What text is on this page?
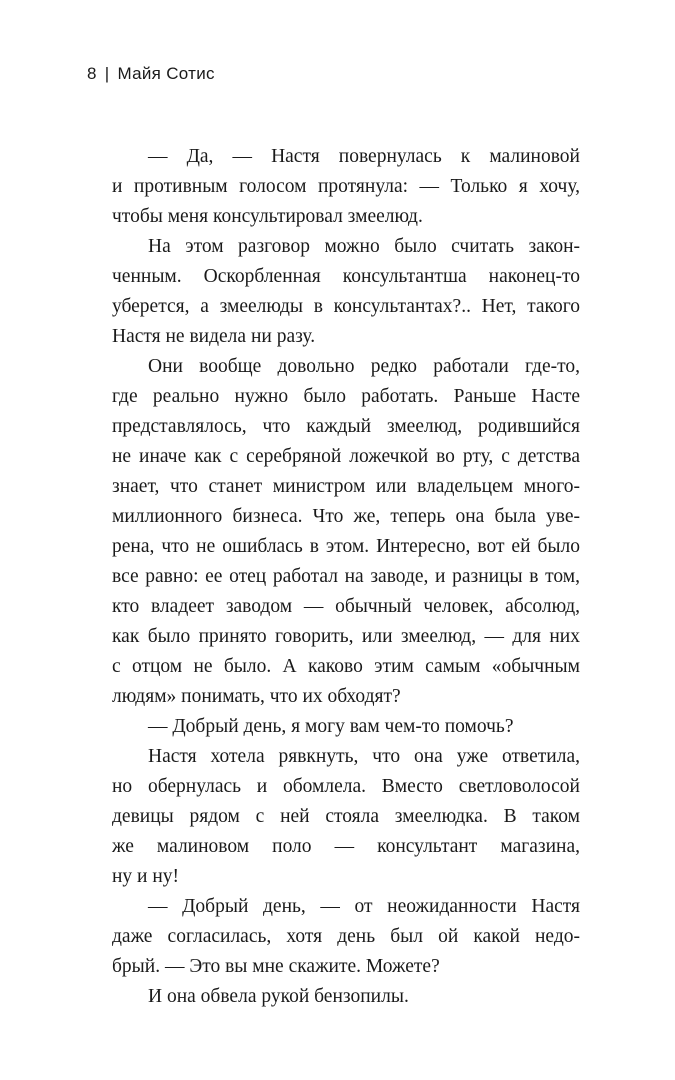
8 | Майя Сотис
— Да, — Настя повернулась к малиновой
и противным голосом протянула: — Только я хочу,
чтобы меня консультировал змеелюд.
На этом разговор можно было считать закон-
ченным. Оскорбленная консультантша наконец-то
уберется, а змеелюды в консультантах?.. Нет, такого
Настя не видела ни разу.
Они вообще довольно редко работали где-то,
где реально нужно было работать. Раньше Насте
представлялось, что каждый змеелюд, родившийся
не иначе как с серебряной ложечкой во рту, с детства
знает, что станет министром или владельцем много-
миллионного бизнеса. Что же, теперь она была уве-
рена, что не ошиблась в этом. Интересно, вот ей было
все равно: ее отец работал на заводе, и разницы в том,
кто владеет заводом — обычный человек, абсолюд,
как было принято говорить, или змеелюд, — для них
с отцом не было. А каково этим самым «обычным
людям» понимать, что их обходят?
— Добрый день, я могу вам чем-то помочь?
Настя хотела рявкнуть, что она уже ответила,
но обернулась и обомлела. Вместо светловолосой
девицы рядом с ней стояла змеелюдка. В таком
же малиновом поло — консультант магазина,
ну и ну!
— Добрый день, — от неожиданности Настя
даже согласилась, хотя день был ой какой недо-
брый. — Это вы мне скажите. Можете?
И она обвела рукой бензопилы.
